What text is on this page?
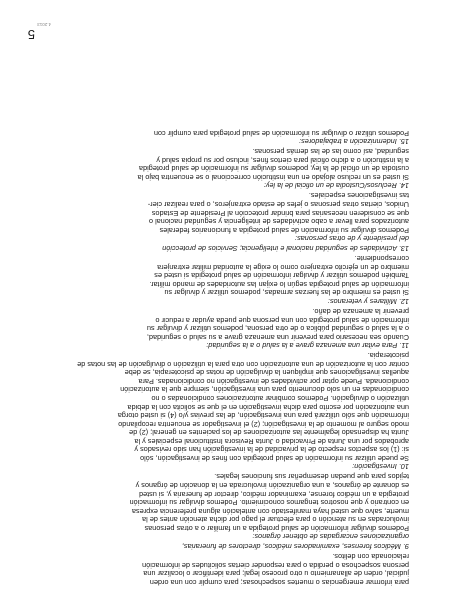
para informar emergencias o muertes sospechosas; para cumplir con una orden

judicial, orden de allanamiento u otro proceso legal; para identificar o localizar una

persona sospechosa o perdida o para responder ciertas solicitudes de información

relacionada con delitos.

9. Médicos forenses, examinadores médicos, directores de funerarias,

organizaciones encargadas de obtener órganos:

Podemos divulgar información de salud protegida a un familiar o a otras personas

involucradas en su atención o para efectuar el pago por dicha atención antes de la

muerte, salvo que usted haya manifestado con antelación alguna preferencia expresa

en contrario y que nosotros tengamos conocimiento. Podemos divulgar su información

protegida a un médico forense, examinador médico, director de funeraria y, si usted

es donante de órganos, a una organización involucrada en la donación de órganos y

tejidos para que puedan desempeñar sus funciones legales.

10. Investigación:

Se puede utilizar su información de salud protegida con fines de investigación, sólo

si: (1) los aspectos respecto de la privacidad de la investigación han sido revisados y

aprobados por una Junta de Privacidad o Junta Revisora Institucional especiales y la

Junta ha dispensado legalmente las autorizaciones de los pacientes en general; (2) de

modo seguro al momento de la investigación; (2) el investigador se encuentra recopilando

información que sólo utilizará para una investigación, de las previas y/o (4) si usted otorga

una autorización por escrito para dicha investigación en el que se solicita con la debida

utilización o divulgación. Podemos combinar autorizaciones condicionadas o no

condicionadas en un solo documento para una investigación, siempre que la autorización

condicionada. Puede optar por actividades de investigación no condicionadas. Para

aquellas investigaciones que impliquen la divulgación de notas de psicoterapia, se debe

contar con la autorización de una autorización con otra para la utilización o divulgación de las notas de

psicoterapia.

11. Para evitar una amenaza grave a la salud o a la seguridad:

Cuando sea necesario para prevenir una amenaza grave a su salud o seguridad,

o a la salud o seguridad pública o de otra persona, podemos utilizar y divulgar su

información de salud protegida con una persona que pueda ayudar a reducir o

prevenir la amenaza de daño.

12. Militares y veteranos:

Si usted es miembro de las fuerzas armadas, podemos utilizar y divulgar su

información de salud protegida según lo exijan las autoridades de mando militar.

También podemos utilizar y divulgar información de salud protegida si usted es

miembro de un ejército extranjero como lo exige la autoridad militar extranjera

correspondiente.

13. Actividades de seguridad nacional e inteligencia; Servicios de protección

del presidente y de otras personas:

Podemos divulgar su información de salud protegida a funcionarios federales

autorizados para llevar a cabo actividades de inteligencia y seguridad nacional o

que se consideren necesarias para brindar protección al Presidente de Estados

Unidos, ciertas otras personas o jefes de estado extranjeros, o para realizar cier-

tas investigaciones especiales.

14. Reclusos/Custodia de un oficial de la ley:

Si usted es un recluso alojado en una institución correccional o se encuentra bajo la

custodia de un oficial de la ley, podemos divulgar su información de salud protegida

a la institución o a dicho oficial para ciertos fines, incluso por su propia salud y

seguridad, así como las de las demás personas.

15. Indemnización a trabajadores:

Podemos utilizar o divulgar su información de salud protegida para cumplir con

5
4.2013
